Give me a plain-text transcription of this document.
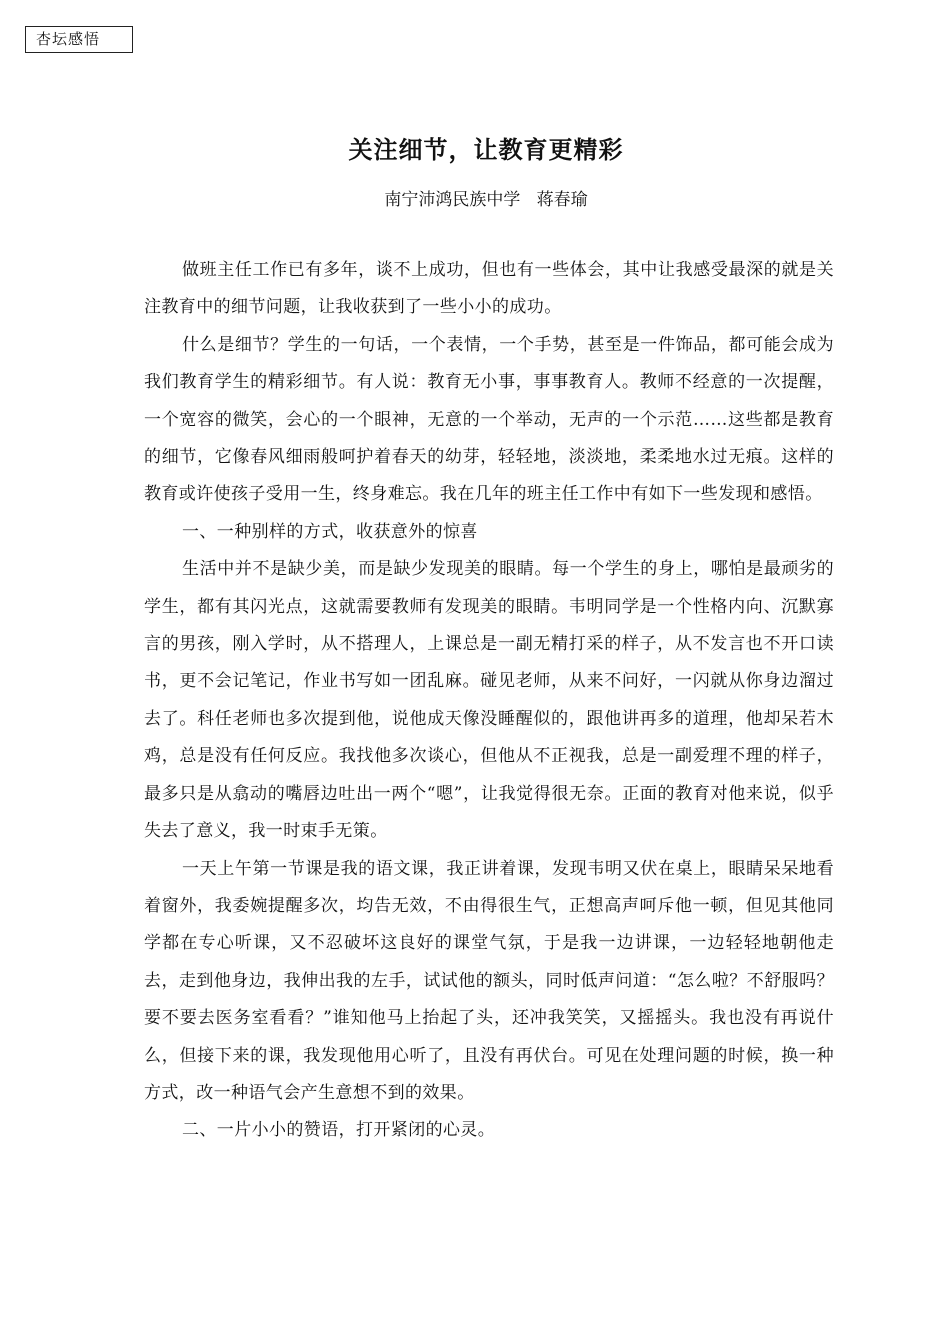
杏坛感悟
关注细节，让教育更精彩
南宁沛鸿民族中学   蒋春瑜

做班主任工作已有多年，谈不上成功，但也有一些体会，其中让我感受最深的就是关注教育中的细节问题，让我收获到了一些小小的成功。

什么是细节？学生的一句话，一个表情，一个手势，甚至是一件饰品，都可能会成为我们教育学生的精彩细节。有人说：教育无小事，事事教育人。教师不经意的一次提醒，一个宽容的微笑，会心的一个眼神，无意的一个举动，无声的一个示范……这些都是教育的细节，它像春风细雨般呵护着春天的幼芽，轻轻地，淡淡地，柔柔地水过无痕。这样的教育或许使孩子受用一生，终身难忘。我在几年的班主任工作中有如下一些发现和感悟。

一、一种别样的方式，收获意外的惊喜

生活中并不是缺少美，而是缺少发现美的眼睛。每一个学生的身上，哪怕是最顽劣的学生，都有其闪光点，这就需要教师有发现美的眼睛。韦明同学是一个性格内向、沉默寡言的男孩，刚入学时，从不搭理人，上课总是一副无精打采的样子，从不发言也不开口读书，更不会记笔记，作业书写如一团乱麻。碰见老师，从来不问好，一闪就从你身边溜过去了。科任老师也多次提到他，说他成天像没睡醒似的，跟他讲再多的道理，他却呆若木鸡，总是没有任何反应。我找他多次谈心，但他从不正视我，总是一副爱理不理的样子，最多只是从翕动的嘴唇边吐出一两个“嗯”，让我觉得很无奈。正面的教育对他来说，似乎失去了意义，我一时束手无策。

一天上午第一节课是我的语文课，我正讲着课，发现韦明又伏在桌上，眼睛呆呆地看着窗外，我委婉提醒多次，均告无效，不由得很生气，正想高声呵斥他一顿，但见其他同学都在专心听课，又不忍破坏这良好的课堂气氛，于是我一边讲课，一边轻轻地朝他走去，走到他身边，我伸出我的左手，试试他的额头，同时低声问道：“怎么啦？不舒服吗？要不要去医务室看看？”谁知他马上抬起了头，还冲我笑笑，又摇摇头。我也没有再说什么，但接下来的课，我发现他用心听了，且没有再伏台。可见在处理问题的时候，换一种方式，改一种语气会产生意想不到的效果。

二、一片小小的赞语，打开紧闭的心灵。
